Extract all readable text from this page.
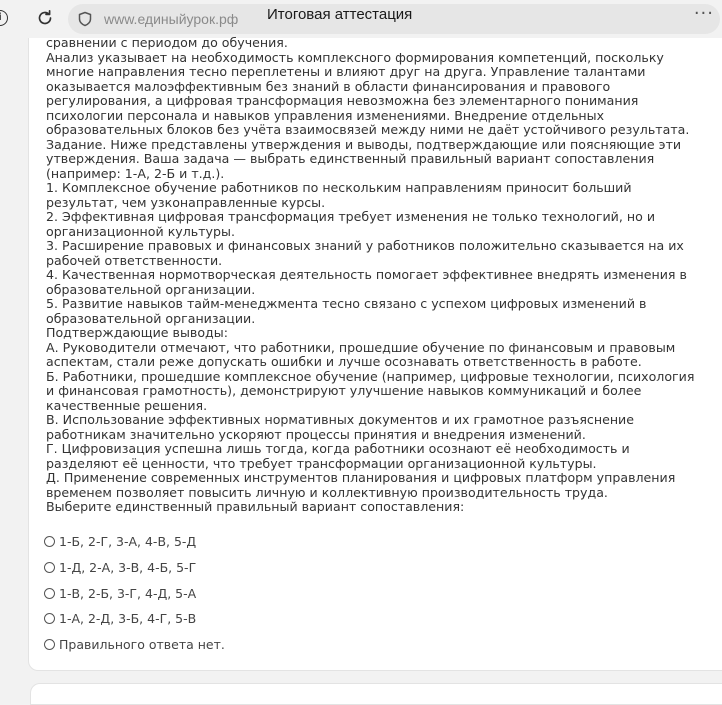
www.единыйурок.рф Итоговая аттестация	···
сравнении с периодом до обучения.
Анализ указывает на необходимость комплексного формирования компетенций, поскольку
многие направления тесно переплетены и влияют друг на друга. Управление талантами
оказывается малоэффективным без знаний в области финансирования и правового
регулирования, а цифровая трансформация невозможна без элементарного понимания
психологии персонала и навыков управления изменениями. Внедрение отдельных
образовательных блоков без учёта взаимосвязей между ними не даёт устойчивого результата.
Задание. Ниже представлены утверждения и выводы, подтверждающие или поясняющие эти
утверждения. Ваша задача — выбрать единственный правильный вариант сопоставления
(например: 1-А, 2-Б и т.д.).
1. Комплексное обучение работников по нескольким направлениям приносит больший
результат, чем узконаправленные курсы.
2. Эффективная цифровая трансформация требует изменения не только технологий, но и
организационной культуры.
3. Расширение правовых и финансовых знаний у работников положительно сказывается на их
рабочей ответственности.
4. Качественная нормотворческая деятельность помогает эффективнее внедрять изменения в
образовательной организации.
5. Развитие навыков тайм-менеджмента тесно связано с успехом цифровых изменений в
образовательной организации.
Подтверждающие выводы:
А. Руководители отмечают, что работники, прошедшие обучение по финансовым и правовым
аспектам, стали реже допускать ошибки и лучше осознавать ответственность в работе.
Б. Работники, прошедшие комплексное обучение (например, цифровые технологии, психология
и финансовая грамотность), демонстрируют улучшение навыков коммуникаций и более
качественные решения.
В. Использование эффективных нормативных документов и их грамотное разъяснение
работникам значительно ускоряют процессы принятия и внедрения изменений.
Г. Цифровизация успешна лишь тогда, когда работники осознают её необходимость и
разделяют её ценности, что требует трансформации организационной культуры.
Д. Применение современных инструментов планирования и цифровых платформ управления
временем позволяет повысить личную и коллективную производительность труда.
Выберите единственный правильный вариант сопоставления:
1-Б, 2-Г, 3-А, 4-В, 5-Д
1-Д, 2-А, 3-В, 4-Б, 5-Г
1-В, 2-Б, 3-Г, 4-Д, 5-А
1-А, 2-Д, 3-Б, 4-Г, 5-В
Правильного ответа нет.
